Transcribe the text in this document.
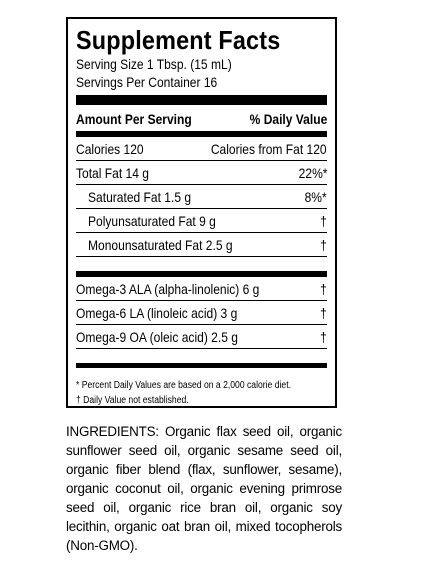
Supplement Facts
Serving Size 1 Tbsp. (15 mL)
Servings Per Container 16
Amount Per Serving	% Daily Value
Calories 120	Calories from Fat 120
Total Fat 14 g	22%*
Saturated Fat 1.5 g	8%*
Polyunsaturated Fat 9 g	†
Monounsaturated Fat 2.5 g	†
Omega-3 ALA (alpha-linolenic) 6 g	†
Omega-6 LA (linoleic acid) 3 g	†
Omega-9 OA (oleic acid) 2.5 g	†
* Percent Daily Values are based on a 2,000 calorie diet.
† Daily Value not established.
INGREDIENTS: Organic flax seed oil, organic sunflower seed oil, organic sesame seed oil, organic fiber blend (flax, sunflower, sesame), organic coconut oil, organic evening primrose seed oil, organic rice bran oil, organic soy lecithin, organic oat bran oil, mixed tocopherols (Non-GMO).
